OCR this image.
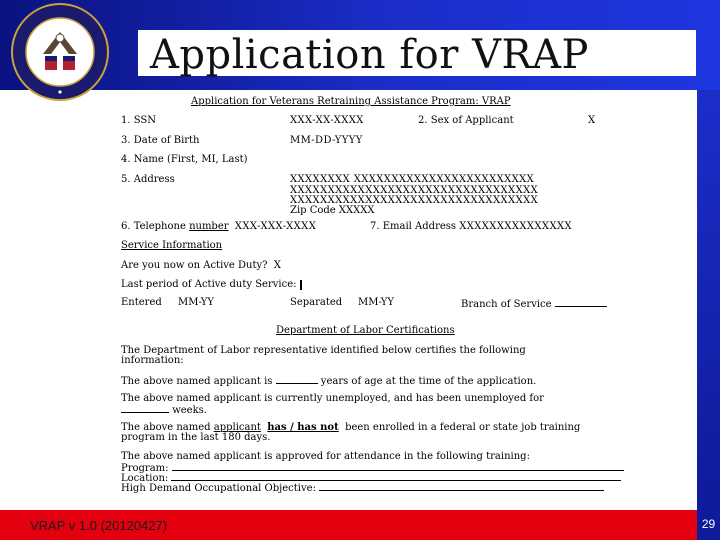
Application for VRAP
Application for Veterans Retraining Assistance Program: VRAP
1. SSN	XXX-XX-XXXX	2. Sex of Applicant	X
3. Date of Birth	MM-DD-YYYY
4. Name (First, MI, Last)
5. Address	XXXXXXXX XXXXXXXXXXXXXXXXXXXXXXXX
XXXXXXXXXXXXXXXXXXXXXXXXXXXXXXXXX
XXXXXXXXXXXXXXXXXXXXXXXXXXXXXXXXX
Zip Code XXXXX
6. Telephone number XXX-XXX-XXXX	7. Email Address XXXXXXXXXXXXXXX
Service Information
Are you now on Active Duty? X
Last period of Active duty Service:
Entered MM-YY	Separated MM-YY	Branch of Service
Department of Labor Certifications
The Department of Labor representative identified below certifies the following
information:
The above named applicant is	years of age at the time of the application.
The above named applicant is currently unemployed, and has been unemployed for
weeks.
The above named applicant has / has not been enrolled in a federal or state job training
program in the last 180 days.
The above named applicant is approved for attendance in the following training:
Program:
Location:
High Demand Occupational Objective:
VRAP v 1.0 (20120427)	29
